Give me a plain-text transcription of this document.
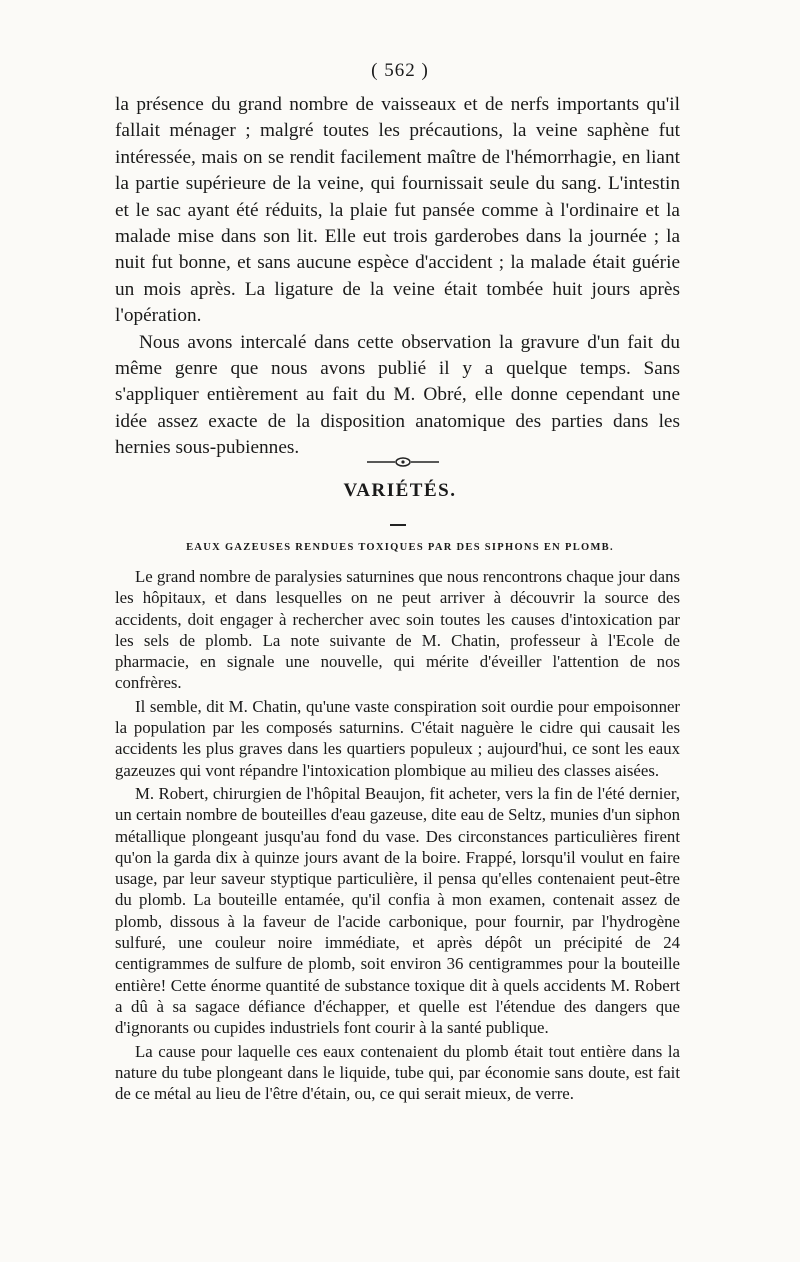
( 562 )

la présence du grand nombre de vaisseaux et de nerfs importants qu'il fallait ménager ; malgré toutes les précautions, la veine saphène fut intéressée, mais on se rendit facilement maître de l'hémorrhagie, en liant la partie supérieure de la veine, qui fournissait seule du sang. L'intestin et le sac ayant été réduits, la plaie fut pansée comme à l'ordinaire et la malade mise dans son lit. Elle eut trois garderobes dans la journée ; la nuit fut bonne, et sans aucune espèce d'accident ; la malade était guérie un mois après. La ligature de la veine était tombée huit jours après l'opération.

Nous avons intercalé dans cette observation la gravure d'un fait du même genre que nous avons publié il y a quelque temps. Sans s'appliquer entièrement au fait du M. Obré, elle donne cependant une idée assez exacte de la disposition anatomique des parties dans les hernies sous-pubiennes.

VARIÉTÉS.
EAUX GAZEUSES RENDUES TOXIQUES PAR DES SIPHONS EN PLOMB.

Le grand nombre de paralysies saturnines que nous rencontrons chaque jour dans les hôpitaux, et dans lesquelles on ne peut arriver à découvrir la source des accidents, doit engager à rechercher avec soin toutes les causes d'intoxication par les sels de plomb. La note suivante de M. Chatin, professeur à l'Ecole de pharmacie, en signale une nouvelle, qui mérite d'éveiller l'attention de nos confrères.

Il semble, dit M. Chatin, qu'une vaste conspiration soit ourdie pour empoisonner la population par les composés saturnins. C'était naguère le cidre qui causait les accidents les plus graves dans les quartiers populeux ; aujourd'hui, ce sont les eaux gazeuzes qui vont répandre l'intoxication plombique au milieu des classes aisées.

M. Robert, chirurgien de l'hôpital Beaujon, fit acheter, vers la fin de l'été dernier, un certain nombre de bouteilles d'eau gazeuse, dite eau de Seltz, munies d'un siphon métallique plongeant jusqu'au fond du vase. Des circonstances particulières firent qu'on la garda dix à quinze jours avant de la boire. Frappé, lorsqu'il voulut en faire usage, par leur saveur styptique particulière, il pensa qu'elles contenaient peut-être du plomb. La bouteille entamée, qu'il confia à mon examen, contenait assez de plomb, dissous à la faveur de l'acide carbonique, pour fournir, par l'hydrogène sulfuré, une couleur noire immédiate, et après dépôt un précipité de 24 centigrammes de sulfure de plomb, soit environ 36 centigrammes pour la bouteille entière! Cette énorme quantité de substance toxique dit à quels accidents M. Robert a dû à sa sagace défiance d'échapper, et quelle est l'étendue des dangers que d'ignorants ou cupides industriels font courir à la santé publique.

La cause pour laquelle ces eaux contenaient du plomb était tout entière dans la nature du tube plongeant dans le liquide, tube qui, par économie sans doute, est fait de ce métal au lieu de l'être d'étain, ou, ce qui serait mieux, de verre.
